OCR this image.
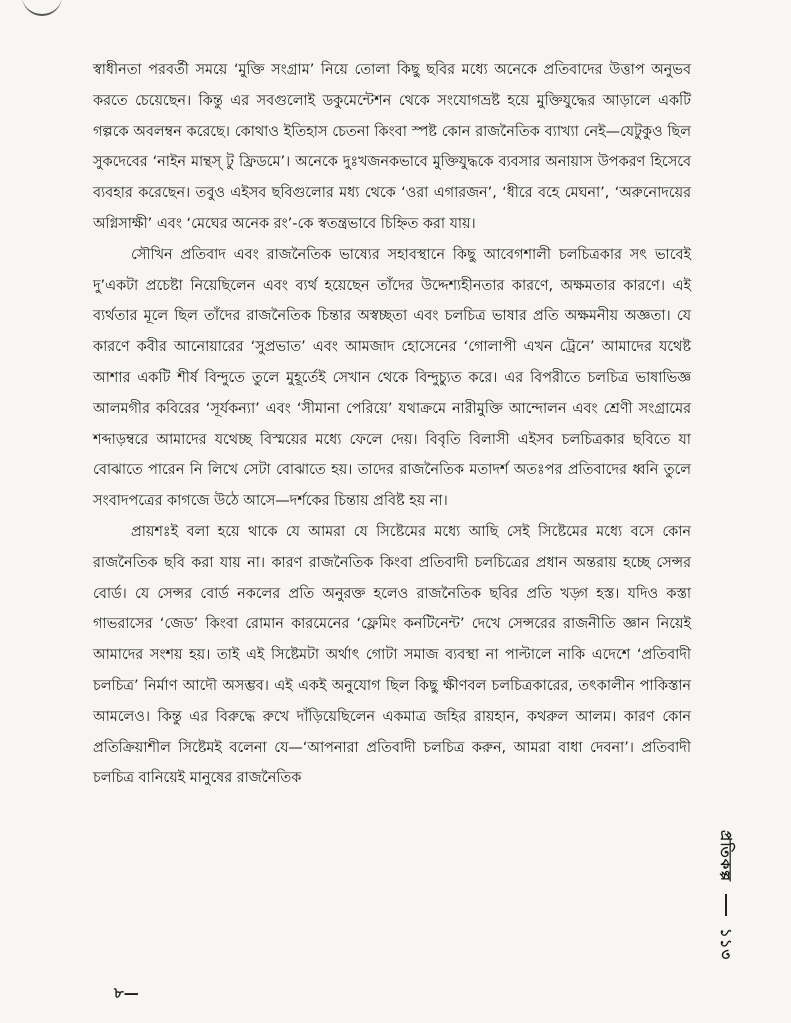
স্বাধীনতা পরবর্তী সময়ে ‘মুক্তি সংগ্রাম’ নিয়ে তোলা কিছু ছবির মধ্যে অনেকে প্রতিবাদের উত্তাপ অনুভব করতে চেয়েছেন। কিন্তু এর সবগুলোই ডকুমেন্টেশন থেকে সংযোগভ্রষ্ট হয়ে মুক্তিযুদ্ধের আড়ালে একটি গল্পকে অবলম্বন করেছে। কোথাও ইতিহাস চেতনা কিংবা স্পষ্ট কোন রাজনৈতিক ব্যাখ্যা নেই—যেটুকুও ছিল সুকদেবের ‘নাইন মান্থস্ টু ফ্রিডমে’। অনেকে দুঃখজনকভাবে মুক্তিযুদ্ধকে ব্যবসার অনায়াস উপকরণ হিসেবে ব্যবহার করেছেন। তবুও এইসব ছবিগুলোর মধ্য থেকে ‘ওরা এগারজন’, ‘ধীরে বহে মেঘনা’, ‘অরুনোদয়ের অগ্নিসাক্ষী’ এবং ‘মেঘের অনেক রং’-কে স্বতন্ত্রভাবে চিহ্নিত করা যায়।

সৌখিন প্রতিবাদ এবং রাজনৈতিক ভাষ্যের সহাবস্থানে কিছু আবেগশালী চলচিত্রকার সৎ ভাবেই দু’একটা প্রচেষ্টা নিয়েছিলেন এবং ব্যর্থ হয়েছেন তাঁদের উদ্দেশ্যহীনতার কারণে, অক্ষমতার কারণে। এই ব্যর্থতার মূলে ছিল তাঁদের রাজনৈতিক চিন্তার অস্বচ্ছতা এবং চলচিত্র ভাষার প্রতি অক্ষমনীয় অজ্ঞতা। যে কারণে কবীর আনোয়ারের ‘সুপ্রভাত’ এবং আমজাদ হোসেনের ‘গোলাপী এখন ট্রেনে’ আমাদের যথেষ্ট আশার একটি শীর্ষ বিন্দুতে তুলে মুহূর্তেই সেখান থেকে বিন্দুচ্যুত করে। এর বিপরীতে চলচিত্র ভাষাভিজ্ঞ আলমগীর কবিরের ‘সূর্যকন্যা’ এবং ‘সীমানা পেরিয়ে’ যথাক্রমে নারীমুক্তি আন্দোলন এবং শ্রেণী সংগ্রামের শব্দাড়ম্বরে আমাদের যথেচ্ছ বিস্ময়ের মধ্যে ফেলে দেয়। বিবৃতি বিলাসী এইসব চলচিত্রকার ছবিতে যা বোঝাতে পারেন নি লিখে সেটা বোঝাতে হয়। তাদের রাজনৈতিক মতাদর্শ অতঃপর প্রতিবাদের ধ্বনি তুলে সংবাদপত্রের কাগজে উঠে আসে—দর্শকের চিন্তায় প্রবিষ্ট হয় না।

প্রায়শঃই বলা হয়ে থাকে যে আমরা যে সিষ্টেমের মধ্যে আছি সেই সিষ্টেমের মধ্যে বসে কোন রাজনৈতিক ছবি করা যায় না। কারণ রাজনৈতিক কিংবা প্রতিবাদী চলচিত্রের প্রধান অন্তরায় হচ্ছে সেন্সর বোর্ড। যে সেন্সর বোর্ড নকলের প্রতি অনুরক্ত হলেও রাজনৈতিক ছবির প্রতি খড়্গ হস্ত। যদিও কস্তা গাভরাসের ‘জেড’ কিংবা রোমান কারমেনের ‘ফ্লেমিং কনটিনেন্ট’ দেখে সেন্সরের রাজনীতি জ্ঞান নিয়েই আমাদের সংশয় হয়। তাই এই সিষ্টেমটা অর্থাৎ গোটা সমাজ ব্যবস্থা না পাল্টালে নাকি এদেশে ‘প্রতিবাদী চলচিত্র’ নির্মাণ আদৌ অসম্ভব। এই একই অনুযোগ ছিল কিছু ক্ষীণবল চলচিত্রকারের, তৎকালীন পাকিস্তান আমলেও। কিন্তু এর বিরুদ্ধে রুখে দাঁড়িয়েছিলেন একমাত্র জহির রায়হান, কথরুল আলম। কারণ কোন প্রতিক্রিয়াশীল সিষ্টেমই বলেনা যে—‘আপনারা প্রতিবাদী চলচিত্র করুন, আমরা বাধা দেবনা’। প্রতিবাদী চলচিত্র বানিয়েই মানুষের রাজনৈতিক

প্রতিকল্প  ১১৩
৮—
